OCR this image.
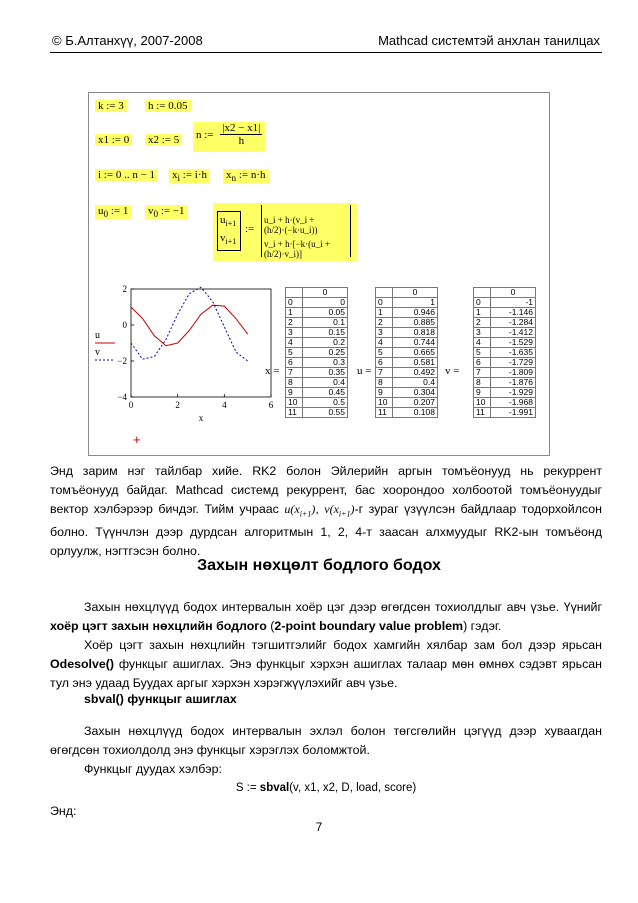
© Б.Алтанхүү, 2007-2008	Mathcad системтэй анхлан танилцах
k := 3 h := 0.05
x1 := 0 x2 := 5 n := $\frac{|x2 - x1|}{h}$
i := 0 .. n − 1 $x_i$ := i·h $x_n$ := n·h
$u_0$ := 1 $v_0$ := −1
$u_{i+1}$
$v_{i+1}$
:=
u_i + h·(v_i + (h/2)·(−k·u_i))
v_i + h·[−k·(u_i + (h/2)·v_i)]
0	2	4	6
2
0
−2
−4
x
u
v
+
x =
	0
0	0
1	0.05
2	0.1
3	0.15
4	0.2
5	0.25
6	0.3
7	0.35
8	0.4
9	0.45
10	0.5
11	0.55
u =
	0
0	1
1	0.946
2	0.885
3	0.818
4	0.744
5	0.665
6	0.581
7	0.492
8	0.4
9	0.304
10	0.207
11	0.108
v =
	0
0	-1
1	-1.146
2	-1.284
3	-1.412
4	-1.529
5	-1.635
6	-1.729
7	-1.809
8	-1.876
9	-1.929
10	-1.968
11	-1.991
Энд зарим нэг тайлбар хийе. RK2 болон Эйлерийн аргын томъёонууд нь рекуррент томъёонууд байдаг. Mathcad системд рекуррент, бас хоорондоо холбоотой томъёонуудыг вектор хэлбэрээр бичдэг. Тийм учраас $u(x_{i+1})$, $v(x_{i+1})-г$ зураг үзүүлсэн байдлаар тодорхойлсон болно. Түүнчлэн дээр дурдсан алгоритмын 1, 2, 4-т заасан алхмуудыг RK2-ын томъёонд орлуулж, нэгтгэсэн болно.
Захын нөхцөлт бодлого бодох
Захын нөхцлүүд бодох интервалын хоёр цэг дээр өгөгдсөн тохиолдлыг авч үзье. Үүнийг хоёр цэгт захын нөхцлийн бодлого (2-point boundary value problem) гэдэг.
Хоёр цэгт захын нөхцлийн тэгшитгэлийг бодох хамгийн хялбар зам бол дээр ярьсан Odesolve() функцыг ашиглах. Энэ функцыг хэрхэн ашиглах талаар мөн өмнөх сэдэвт ярьсан тул энэ удаад Буудах аргыг хэрхэн хэрэгжүүлэхийг авч үзье.
sbval() функцыг ашиглах
Захын нөхцлүүд бодох интервалын эхлэл болон төгсгөлийн цэгүүд дээр хуваагдан өгөгдсөн тохиолдолд энэ функцыг хэрэглэх боломжтой.
Функцыг дуудах хэлбэр:
S := sbval(v, x1, x2, D, load, score)
Энд:
7
